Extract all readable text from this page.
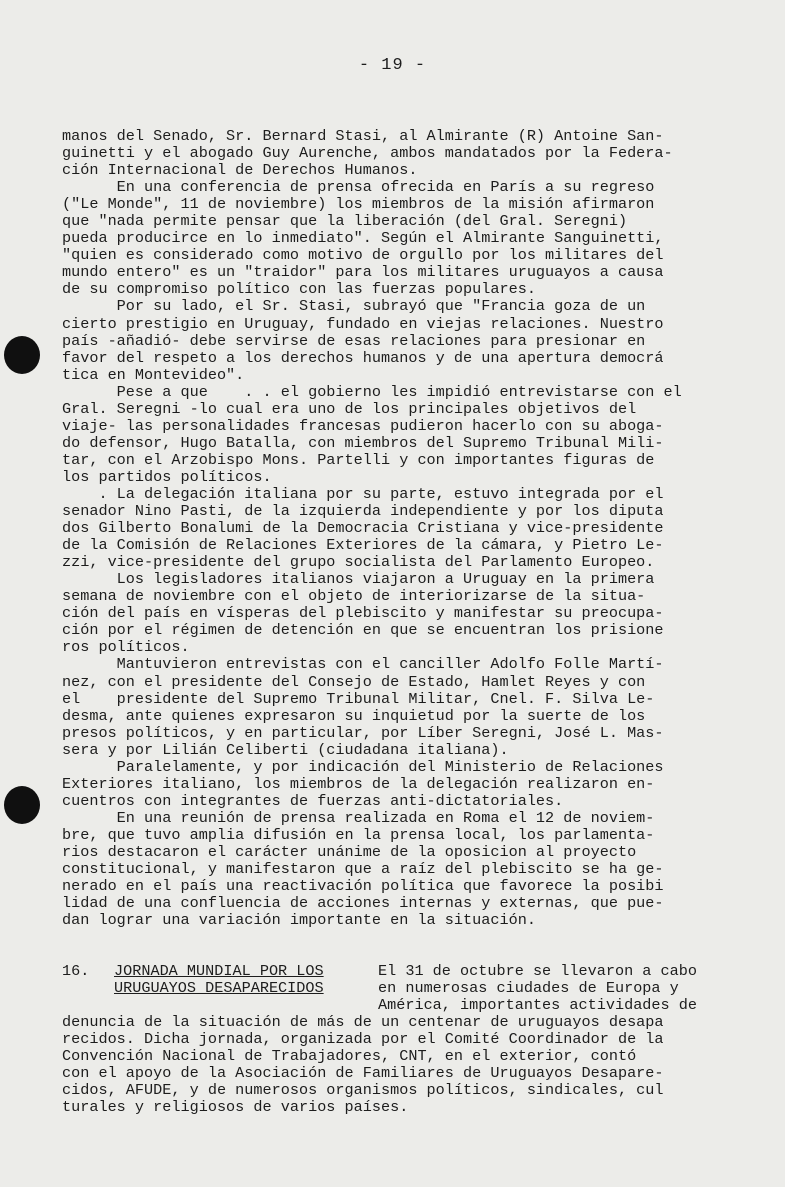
- 19 -
manos del Senado, Sr. Bernard Stasi, al Almirante (R) Antoine San-
guinetti y el abogado Guy Aurenche, ambos mandatados por la Federa-
ción Internacional de Derechos Humanos.
En una conferencia de prensa ofrecida en París a su regreso
("Le Monde", 11 de noviembre) los miembros de la misión afirmaron
que "nada permite pensar que la liberación (del Gral. Seregni)
pueda producirce en lo inmediato". Según el Almirante Sanguinetti,
"quien es considerado como motivo de orgullo por los militares del
mundo entero" es un "traidor" para los militares uruguayos a causa
de su compromiso político con las fuerzas populares.
Por su lado, el Sr. Stasi, subrayó que "Francia goza de un
cierto prestigio en Uruguay, fundado en viejas relaciones. Nuestro
país -añadió- debe servirse de esas relaciones para presionar en
favor del respeto a los derechos humanos y de una apertura democrá
tica en Montevideo".
Pese a que    . . el gobierno les impidió entrevistarse con el
Gral. Seregni -lo cual era uno de los principales objetivos del
viaje- las personalidades francesas pudieron hacerlo con su aboga-
do defensor, Hugo Batalla, con miembros del Supremo Tribunal Mili-
tar, con el Arzobispo Mons. Partelli y con importantes figuras de
los partidos políticos.
. La delegación italiana por su parte, estuvo integrada por el
senador Nino Pasti, de la izquierda independiente y por los diputa
dos Gilberto Bonalumi de la Democracia Cristiana y vice-presidente
de la Comisión de Relaciones Exteriores de la cámara, y Pietro Le-
zzi, vice-presidente del grupo socialista del Parlamento Europeo.
Los legisladores italianos viajaron a Uruguay en la primera
semana de noviembre con el objeto de interiorizarse de la situa-
ción del país en vísperas del plebiscito y manifestar su preocupa-
ción por el régimen de detención en que se encuentran los prisione
ros políticos.
Mantuvieron entrevistas con el canciller Adolfo Folle Martí-
nez, con el presidente del Consejo de Estado, Hamlet Reyes y con
el    presidente del Supremo Tribunal Militar, Cnel. F. Silva Le-
desma, ante quienes expresaron su inquietud por la suerte de los
presos políticos, y en particular, por Líber Seregni, José L. Mas-
sera y por Lilián Celiberti (ciudadana italiana).
Paralelamente, y por indicación del Ministerio de Relaciones
Exteriores italiano, los miembros de la delegación realizaron en-
cuentros con integrantes de fuerzas anti-dictatoriales.
En una reunión de prensa realizada en Roma el 12 de noviem-
bre, que tuvo amplia difusión en la prensa local, los parlamenta-
rios destacaron el carácter unánime de la oposicion al proyecto
constitucional, y manifestaron que a raíz del plebiscito se ha ge-
nerado en el país una reactivación política que favorece la posibi
lidad de una confluencia de acciones internas y externas, que pue-
dan lograr una variación importante en la situación.
16. JORNADA MUNDIAL POR LOS
URUGUAYOS DESAPARECIDOS
El 31 de octubre se llevaron a cabo
en numerosas ciudades de Europa y
América, importantes actividades de
denuncia de la situación de más de un centenar de uruguayos desapa
recidos. Dicha jornada, organizada por el Comité Coordinador de la
Convención Nacional de Trabajadores, CNT, en el exterior, contó
con el apoyo de la Asociación de Familiares de Uruguayos Desapare-
cidos, AFUDE, y de numerosos organismos políticos, sindicales, cul
turales y religiosos de varios países.
